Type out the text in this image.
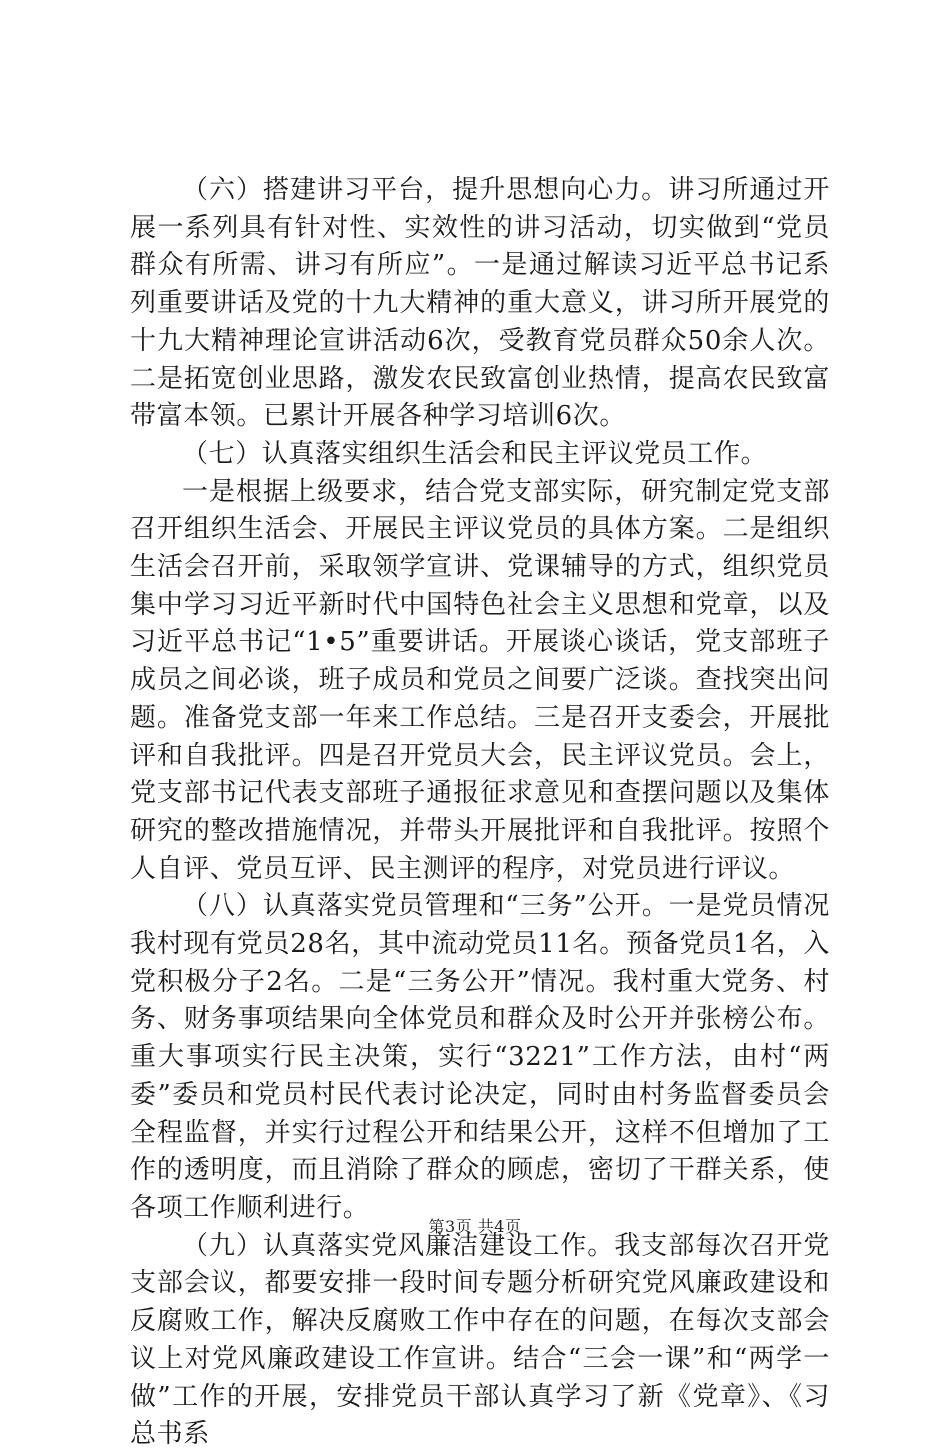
（六）搭建讲习平台，提升思想向心力。讲习所通过开展一系列具有针对性、实效性的讲习活动，切实做到“党员群众有所需、讲习有所应”。一是通过解读习近平总书记系列重要讲话及党的十九大精神的重大意义，讲习所开展党的十九大精神理论宣讲活动6次，受教育党员群众50余人次。二是拓宽创业思路，激发农民致富创业热情，提高农民致富带富本领。已累计开展各种学习培训6次。

（七）认真落实组织生活会和民主评议党员工作。

一是根据上级要求，结合党支部实际，研究制定党支部召开组织生活会、开展民主评议党员的具体方案。二是组织生活会召开前，采取领学宣讲、党课辅导的方式，组织党员集中学习习近平新时代中国特色社会主义思想和党章，以及习近平总书记“1•5”重要讲话。开展谈心谈话，党支部班子成员之间必谈，班子成员和党员之间要广泛谈。查找突出问题。准备党支部一年来工作总结。三是召开支委会，开展批评和自我批评。四是召开党员大会，民主评议党员。会上，党支部书记代表支部班子通报征求意见和查摆问题以及集体研究的整改措施情况，并带头开展批评和自我批评。按照个人自评、党员互评、民主测评的程序，对党员进行评议。

（八）认真落实党员管理和“三务”公开。一是党员情况我村现有党员28名，其中流动党员11名。预备党员1名，入党积极分子2名。二是“三务公开”情况。我村重大党务、村务、财务事项结果向全体党员和群众及时公开并张榜公布。重大事项实行民主决策，实行“3221”工作方法，由村“两委”委员和党员村民代表讨论决定，同时由村务监督委员会全程监督，并实行过程公开和结果公开，这样不但增加了工作的透明度，而且消除了群众的顾虑，密切了干群关系，使各项工作顺利进行。

（九）认真落实党风廉洁建设工作。我支部每次召开党支部会议，都要安排一段时间专题分析研究党风廉政建设和反腐败工作，解决反腐败工作中存在的问题，在每次支部会议上对党风廉政建设工作宣讲。结合“三会一课”和“两学一做”工作的开展，安排党员干部认真学习了新《党章》、《习总书系

第3页 共4页
